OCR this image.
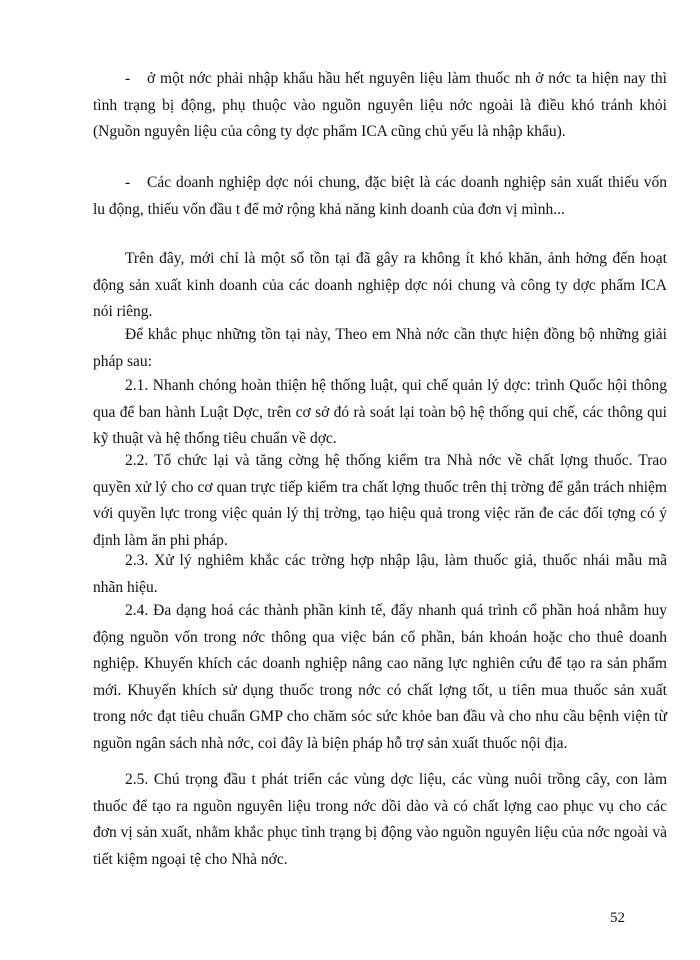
- ở một nớc phải nhập khẩu hầu hết nguyên liệu làm thuốc nh ở nớc ta hiện nay thì tình trạng bị động, phụ thuộc vào nguồn nguyên liệu nớc ngoài là điều khó tránh khỏi (Nguồn nguyên liệu của công ty dợc phẩm ICA cũng chủ yếu là nhập khẩu).

- Các doanh nghiệp dợc nói chung, đặc biệt là các doanh nghiệp sản xuất thiếu vốn lu động, thiếu vốn đầu t để mở rộng khả năng kinh doanh của đơn vị mình...

Trên đây, mới chỉ là một số tồn tại đã gây ra không ít khó khăn, ảnh hởng đến hoạt động sản xuất kinh doanh của các doanh nghiệp dợc nói chung và công ty dợc phẩm ICA nói riêng.

Để khắc phục những tồn tại này, Theo em Nhà nớc cần thực hiện đồng bộ những giải pháp sau:

2.1. Nhanh chóng hoàn thiện hệ thống luật, qui chế quản lý dợc: trình Quốc hội thông qua để ban hành Luật Dợc, trên cơ sở đó rà soát lại toàn bộ hệ thống qui chế, các thông qui kỹ thuật và hệ thống tiêu chuẩn về dợc.

2.2. Tổ chức lại và tăng cờng hệ thống kiểm tra Nhà nớc về chất lợng thuốc. Trao quyền xử lý cho cơ quan trực tiếp kiểm tra chất lợng thuốc trên thị trờng để gắn trách nhiệm với quyền lực trong việc quản lý thị trờng, tạo hiệu quả trong việc răn đe các đối tợng có ý định làm ăn phi pháp.

2.3. Xử lý nghiêm khắc các trờng hợp nhập lậu, làm thuốc giả, thuốc nhái mẫu mã nhãn hiệu.

2.4. Đa dạng hoá các thành phần kinh tế, đẩy nhanh quá trình cổ phần hoá nhằm huy động nguồn vốn trong nớc thông qua việc bán cổ phần, bán khoán hoặc cho thuê doanh nghiệp. Khuyến khích các doanh nghiệp nâng cao năng lực nghiên cứu để tạo ra sản phẩm mới. Khuyến khích sử dụng thuốc trong nớc có chất lợng tốt, u tiên mua thuốc sản xuất trong nớc đạt tiêu chuẩn GMP cho chăm sóc sức khỏe ban đầu và cho nhu cầu bệnh viện từ nguồn ngân sách nhà nớc, coi đây là biện pháp hỗ trợ sản xuất thuốc nội địa.

2.5. Chú trọng đầu t phát triển các vùng dợc liệu, các vùng nuôi trồng cây, con làm thuốc để tạo ra nguồn nguyên liệu trong nớc dồi dào và có chất lợng cao phục vụ cho các đơn vị sản xuất, nhằm khắc phục tình trạng bị động vào nguồn nguyên liệu của nớc ngoài và tiết kiệm ngoại tệ cho Nhà nớc.

52
